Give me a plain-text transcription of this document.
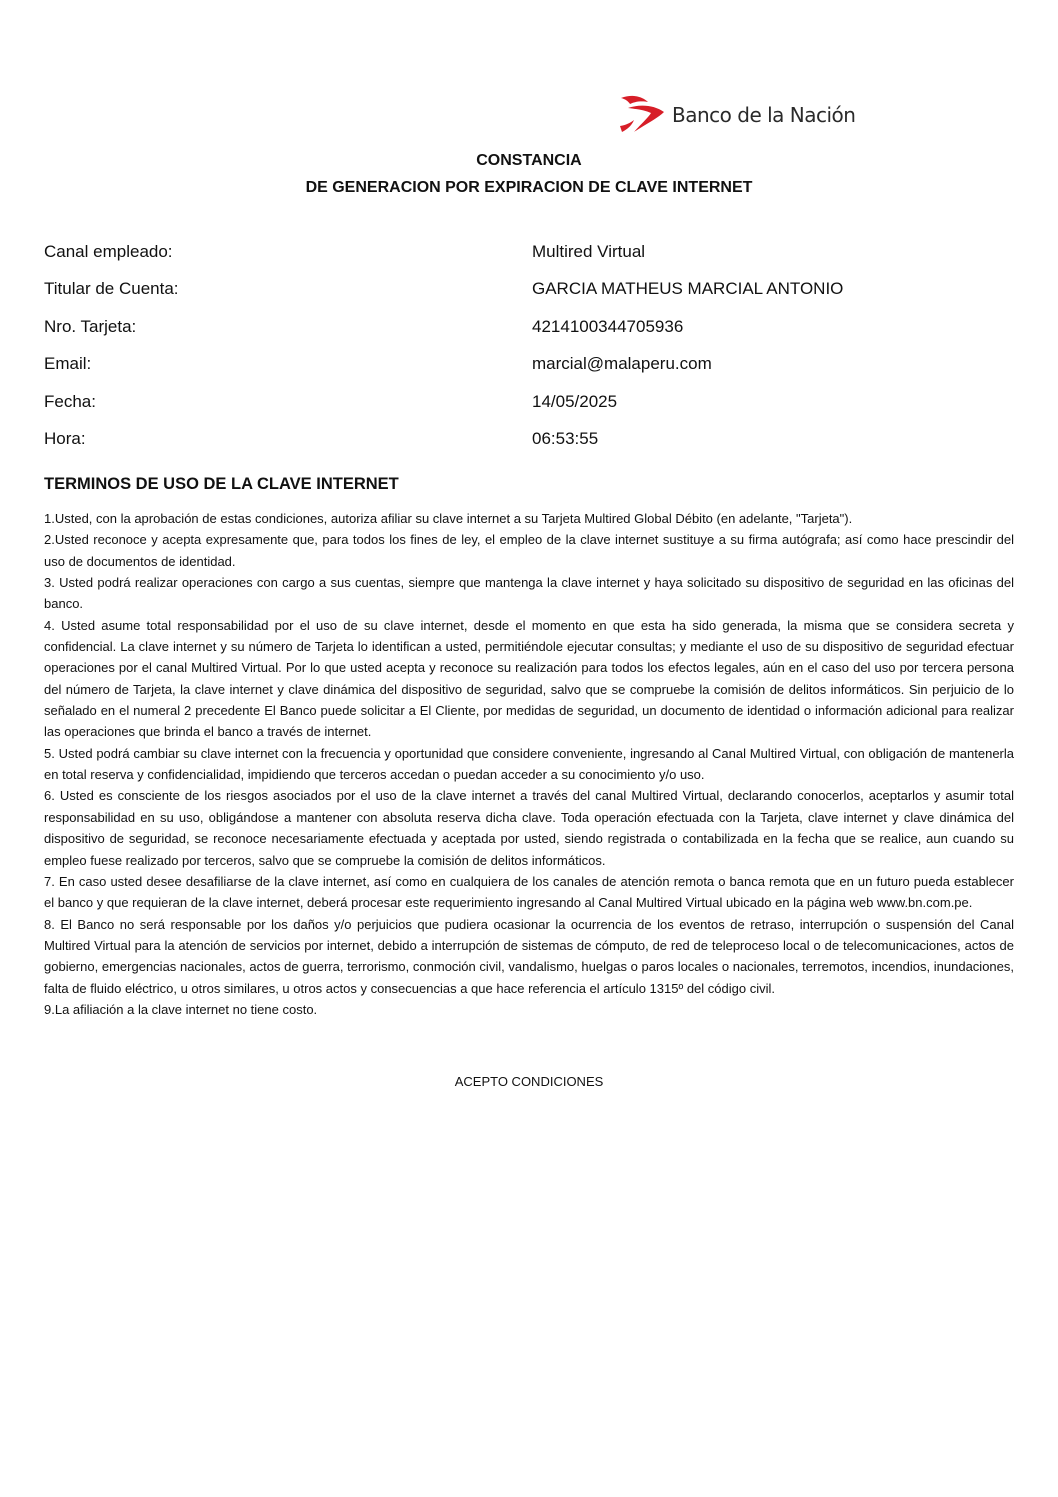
Banco de la Nación
CONSTANCIA
DE GENERACION POR EXPIRACION DE CLAVE INTERNET
Canal empleado:	Multired Virtual
Titular de Cuenta:	GARCIA MATHEUS MARCIAL ANTONIO
Nro. Tarjeta:	4214100344705936
Email:	marcial@malaperu.com
Fecha:	14/05/2025
Hora:	06:53:55
TERMINOS DE USO DE LA CLAVE INTERNET

1.Usted, con la aprobación de estas condiciones, autoriza afiliar su clave internet a su Tarjeta Multired Global Débito (en adelante, "Tarjeta").

2.Usted reconoce y acepta expresamente que, para todos los fines de ley, el empleo de la clave internet sustituye a su firma autógrafa; así como hace prescindir del uso de documentos de identidad.

3. Usted podrá realizar operaciones con cargo a sus cuentas, siempre que mantenga la clave internet y haya solicitado su dispositivo de seguridad en las oficinas del banco.

4. Usted asume total responsabilidad por el uso de su clave internet, desde el momento en que esta ha sido generada, la misma que se considera secreta y confidencial. La clave internet y su número de Tarjeta lo identifican a usted, permitiéndole ejecutar consultas; y mediante el uso de su dispositivo de seguridad efectuar operaciones por el canal Multired Virtual. Por lo que usted acepta y reconoce su realización para todos los efectos legales, aún en el caso del uso por tercera persona del número de Tarjeta, la clave internet y clave dinámica del dispositivo de seguridad, salvo que se compruebe la comisión de delitos informáticos. Sin perjuicio de lo señalado en el numeral 2 precedente El Banco puede solicitar a El Cliente, por medidas de seguridad, un documento de identidad o información adicional para realizar las operaciones que brinda el banco a través de internet.

5. Usted podrá cambiar su clave internet con la frecuencia y oportunidad que considere conveniente, ingresando al Canal Multired Virtual, con obligación de mantenerla en total reserva y confidencialidad, impidiendo que terceros accedan o puedan acceder a su conocimiento y/o uso.

6. Usted es consciente de los riesgos asociados por el uso de la clave internet a través del canal Multired Virtual, declarando conocerlos, aceptarlos y asumir total responsabilidad en su uso, obligándose a mantener con absoluta reserva dicha clave. Toda operación efectuada con la Tarjeta, clave internet y clave dinámica del dispositivo de seguridad, se reconoce necesariamente efectuada y aceptada por usted, siendo registrada o contabilizada en la fecha que se realice, aun cuando su empleo fuese realizado por terceros, salvo que se compruebe la comisión de delitos informáticos.

7. En caso usted desee desafiliarse de la clave internet, así como en cualquiera de los canales de atención remota o banca remota que en un futuro pueda establecer el banco y que requieran de la clave internet, deberá procesar este requerimiento ingresando al Canal Multired Virtual ubicado en la página web www.bn.com.pe.

8. El Banco no será responsable por los daños y/o perjuicios que pudiera ocasionar la ocurrencia de los eventos de retraso, interrupción o suspensión del Canal Multired Virtual para la atención de servicios por internet, debido a interrupción de sistemas de cómputo, de red de teleproceso local o de telecomunicaciones, actos de gobierno, emergencias nacionales, actos de guerra, terrorismo, conmoción civil, vandalismo, huelgas o paros locales o nacionales, terremotos, incendios, inundaciones, falta de fluido eléctrico, u otros similares, u otros actos y consecuencias a que hace referencia el artículo 1315º del código civil.

9.La afiliación a la clave internet no tiene costo.

ACEPTO CONDICIONES
